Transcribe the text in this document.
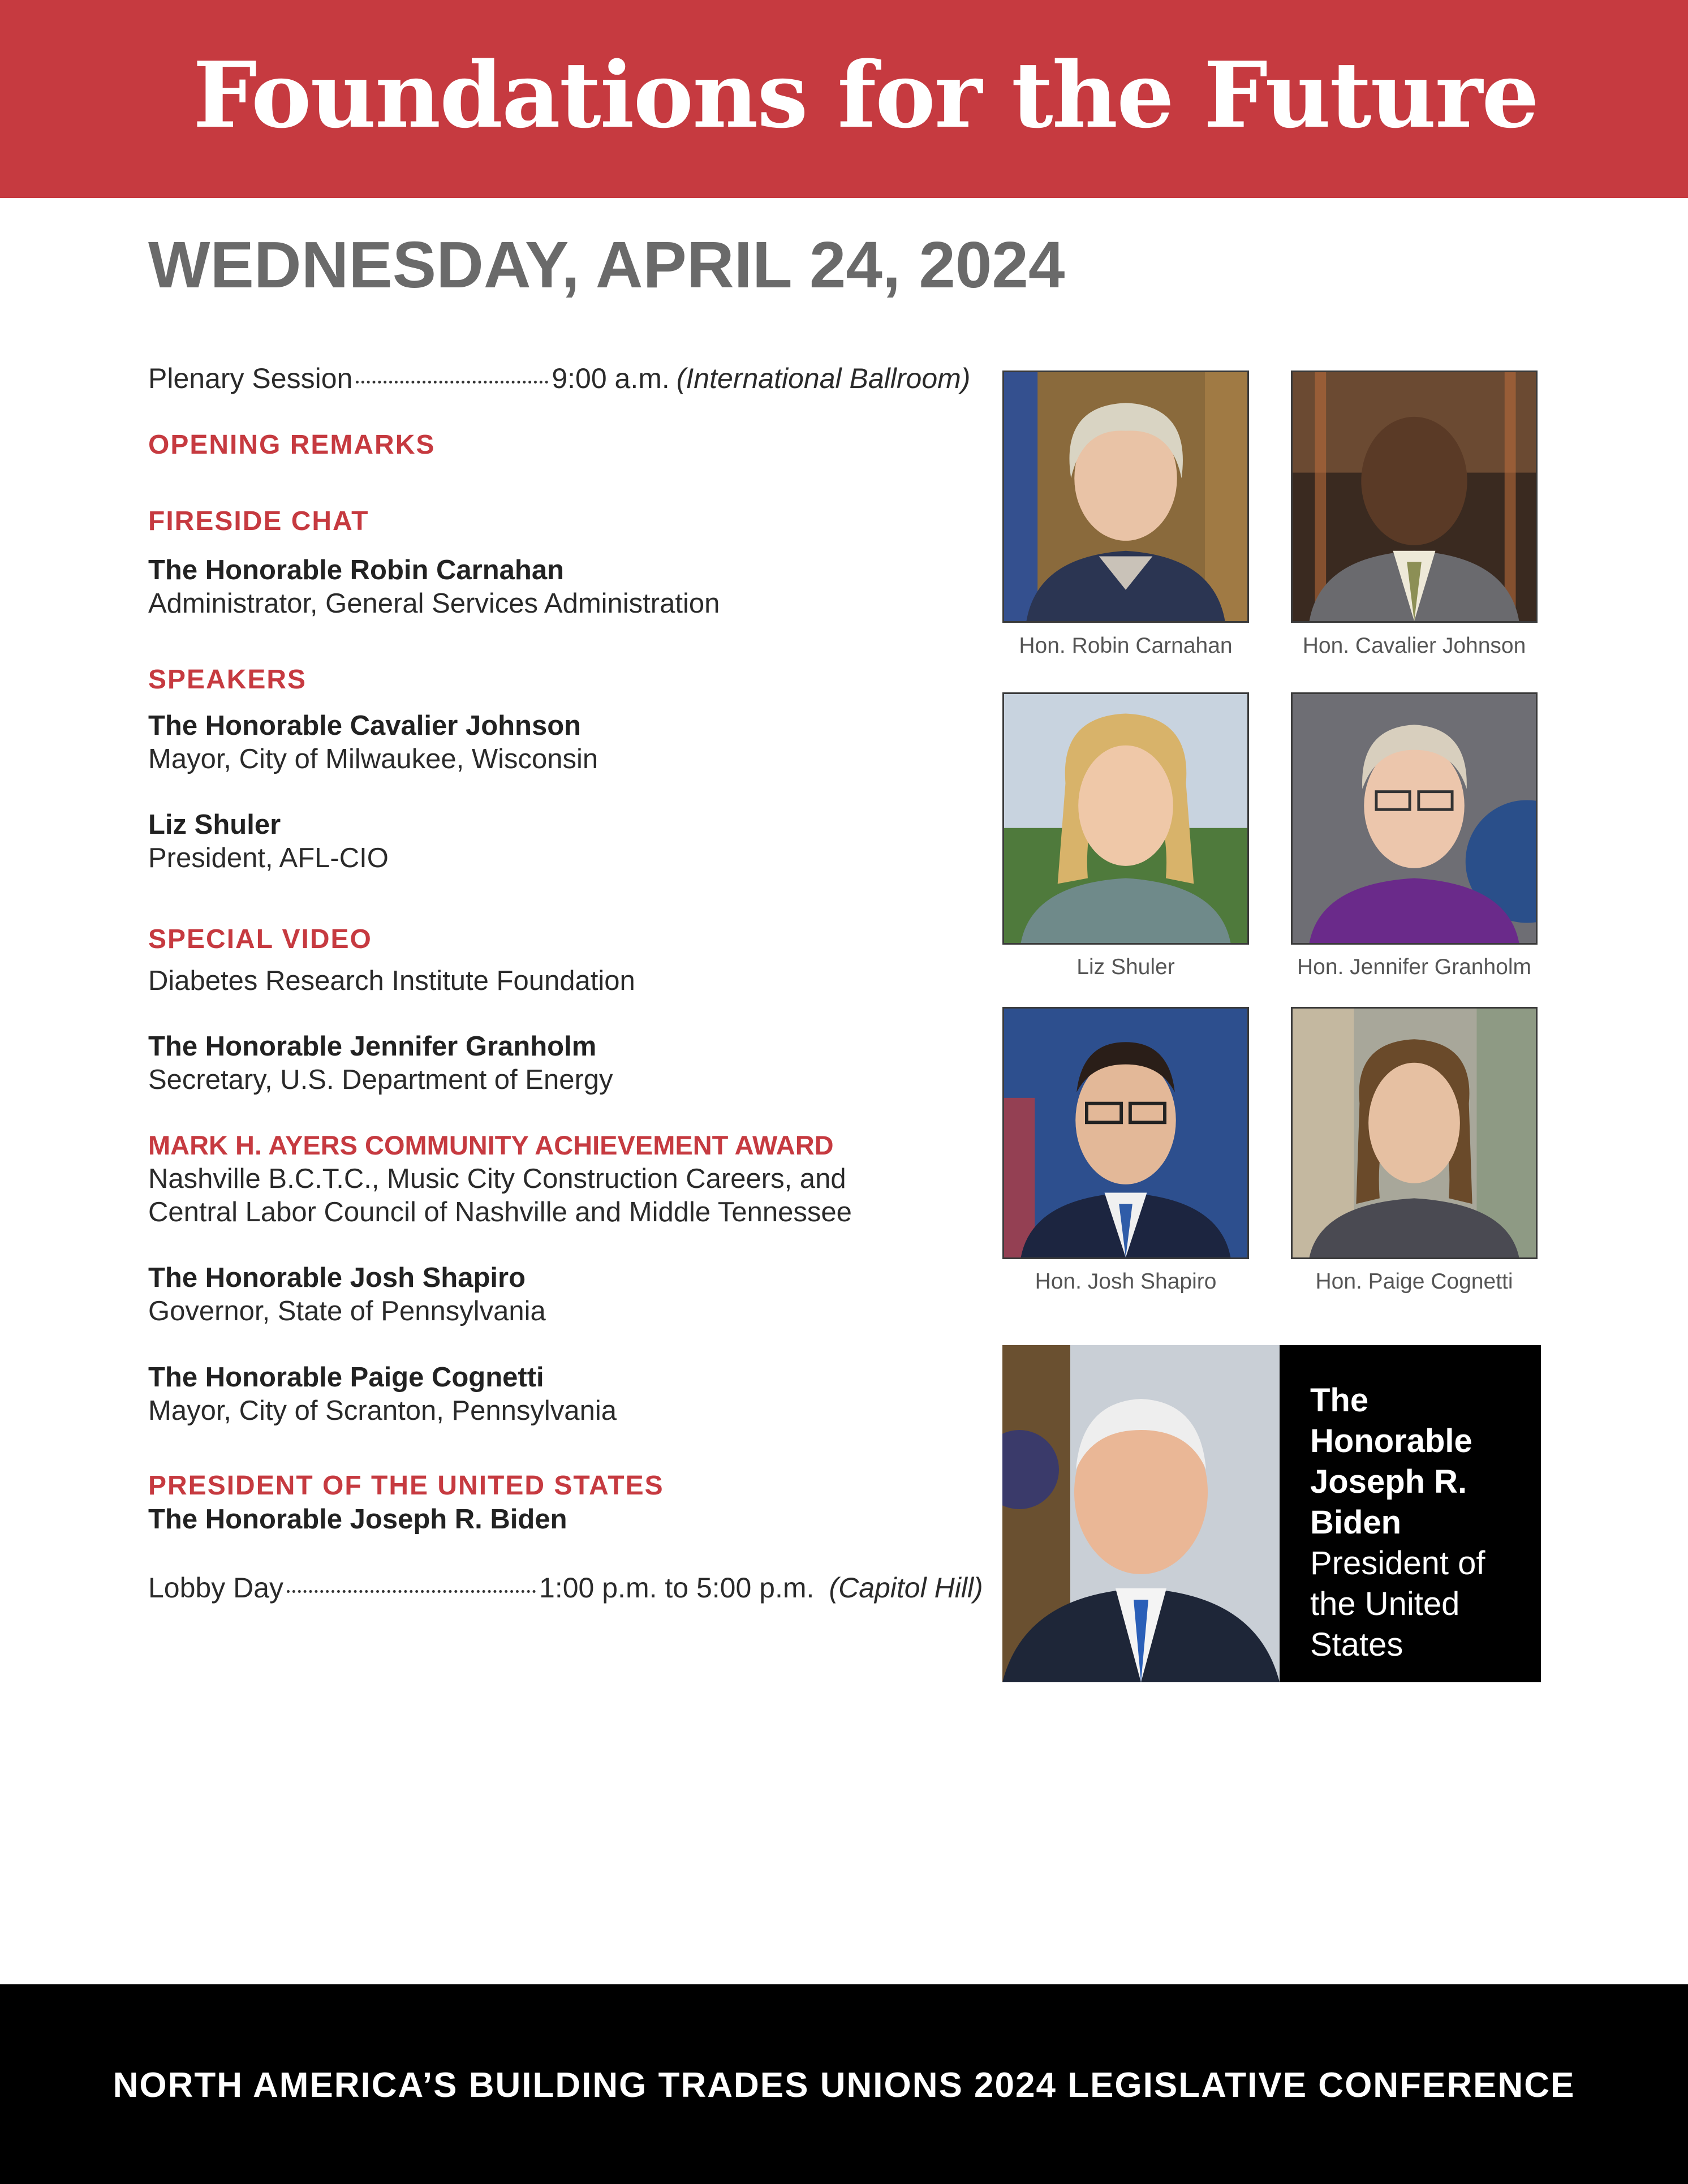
Foundations for the Future
WEDNESDAY, APRIL 24, 2024
Plenary Session	9:00 a.m. (International Ballroom)
OPENING REMARKS
FIRESIDE CHAT
The Honorable Robin Carnahan
Administrator, General Services Administration
SPEAKERS
The Honorable Cavalier Johnson
Mayor, City of Milwaukee, Wisconsin
Liz Shuler
President, AFL-CIO
SPECIAL VIDEO
Diabetes Research Institute Foundation
The Honorable Jennifer Granholm
Secretary, U.S. Department of Energy
MARK H. AYERS COMMUNITY ACHIEVEMENT AWARD
Nashville B.C.T.C., Music City Construction Careers, and
Central Labor Council of Nashville and Middle Tennessee
The Honorable Josh Shapiro
Governor, State of Pennsylvania
The Honorable Paige Cognetti
Mayor, City of Scranton, Pennsylvania
PRESIDENT OF THE UNITED STATES
The Honorable Joseph R. Biden
Lobby Day	1:00 p.m. to 5:00 p.m. (Capitol Hill)
Hon. Robin Carnahan	Hon. Cavalier Johnson
Liz Shuler	Hon. Jennifer Granholm
Hon. Josh Shapiro	Hon. Paige Cognetti
The
Honorable
Joseph R.
Biden
President of
the United
States
NORTH AMERICA’S BUILDING TRADES UNIONS 2024 LEGISLATIVE CONFERENCE
